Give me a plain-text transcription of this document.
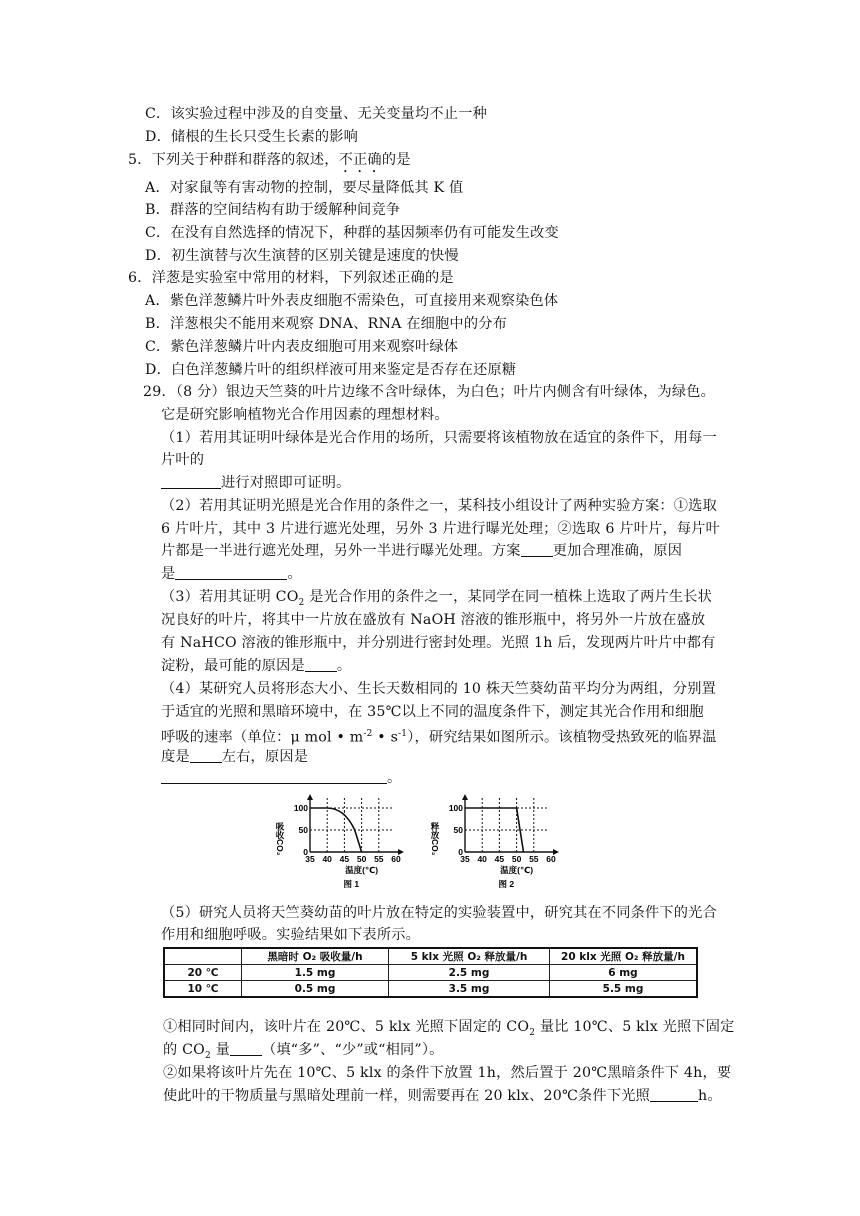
C．该实验过程中涉及的自变量、无关变量均不止一种
D．储根的生长只受生长素的影响
5．下列关于种群和群落的叙述，不正确的是
A．对家鼠等有害动物的控制，要尽量降低其 K 值
B．群落的空间结构有助于缓解种间竞争
C．在没有自然选择的情况下，种群的基因频率仍有可能发生改变
D．初生演替与次生演替的区别关键是速度的快慢
6．洋葱是实验室中常用的材料，下列叙述正确的是
A．紫色洋葱鳞片叶外表皮细胞不需染色，可直接用来观察染色体
B．洋葱根尖不能用来观察 DNA、RNA 在细胞中的分布
C．紫色洋葱鳞片叶内表皮细胞可用来观察叶绿体
D．白色洋葱鳞片叶的组织样液可用来鉴定是否存在还原糖
29．（8 分）银边天竺葵的叶片边缘不含叶绿体，为白色；叶片内侧含有叶绿体，为绿色。
它是研究影响植物光合作用因素的理想材料。
（1）若用其证明叶绿体是光合作用的场所，只需要将该植物放在适宜的条件下，用每一
片叶的
进行对照即可证明。
（2）若用其证明光照是光合作用的条件之一，某科技小组设计了两种实验方案：①选取
6 片叶片，其中 3 片进行遮光处理，另外 3 片进行曝光处理；②选取 6 片叶片，每片叶
片都是一半进行遮光处理，另外一半进行曝光处理。方案 更加合理准确，原因
是	。
（3）若用其证明 $CO_2$ 是光合作用的条件之一，某同学在同一植株上选取了两片生长状
况良好的叶片，将其中一片放在盛放有 NaOH 溶液的锥形瓶中，将另外一片放在盛放
有 NaHCO 溶液的锥形瓶中，并分别进行密封处理。光照 1h 后，发现两片叶片中都有
淀粉，最可能的原因是 。
（4）某研究人员将形态大小、生长天数相同的 10 株天竺葵幼苗平均分为两组，分别置
于适宜的光照和黑暗环境中，在 35℃以上不同的温度条件下，测定其光合作用和细胞
呼吸的速率（单位：μ mol • $m^{-2}$ • $s^{-1}$），研究结果如图所示。该植物受热致死的临界温
度是 左右，原因是
。
100
50
0
35 40 45 50 55 60
吸收CO₂
温度(℃)
图 1
100
50
0
35 40 45 50 55 60
释放CO₂
温度(℃)
图 2
（5）研究人员将天竺葵幼苗的叶片放在特定的实验装置中，研究其在不同条件下的光合
作用和细胞呼吸。实验结果如下表所示。
	黑暗时 O₂ 吸收量/h	5 klx 光照 O₂ 释放量/h	20 klx 光照 O₂ 释放量/h
20 ℃	1.5 mg	2.5 mg	6 mg
10 ℃	0.5 mg	3.5 mg	5.5 mg
①相同时间内，该叶片在 20℃、5 klx 光照下固定的 $CO_2$ 量比 10℃、5 klx 光照下固定
的 $CO_2$ 量 （填“多”、“少”或“相同”）。
②如果将该叶片先在 10℃、5 klx 的条件下放置 1h，然后置于 20℃黑暗条件下 4h，要
使此叶的干物质量与黑暗处理前一样，则需要再在 20 klx、20℃条件下光照	h。
